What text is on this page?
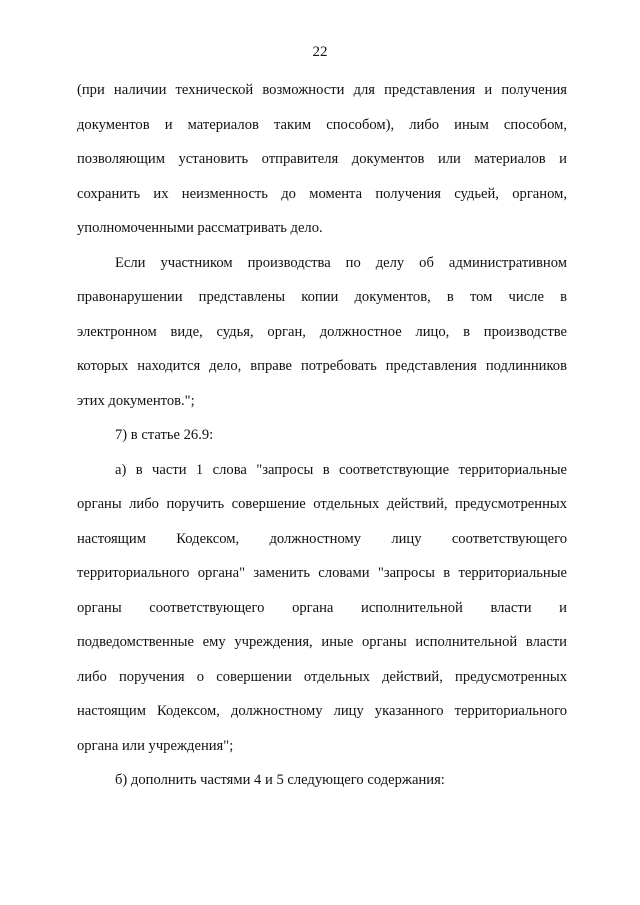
22
(при наличии технической возможности для представления и получения
документов и материалов таким способом), либо иным способом,
позволяющим установить отправителя документов или материалов и
сохранить их неизменность до момента получения судьей, органом,
уполномоченными рассматривать дело.
Если участником производства по делу об административном
правонарушении представлены копии документов, в том числе в
электронном виде, судья, орган, должностное лицо, в производстве
которых находится дело, вправе потребовать представления подлинников
этих документов.";
7) в статье 26.9:
а) в части 1 слова "запросы в соответствующие территориальные
органы либо поручить совершение отдельных действий, предусмотренных
настоящим Кодексом, должностному лицу соответствующего
территориального органа" заменить словами "запросы в территориальные
органы соответствующего органа исполнительной власти и
подведомственные ему учреждения, иные органы исполнительной власти
либо поручения о совершении отдельных действий, предусмотренных
настоящим Кодексом, должностному лицу указанного территориального
органа или учреждения";
б) дополнить частями 4 и 5 следующего содержания:
